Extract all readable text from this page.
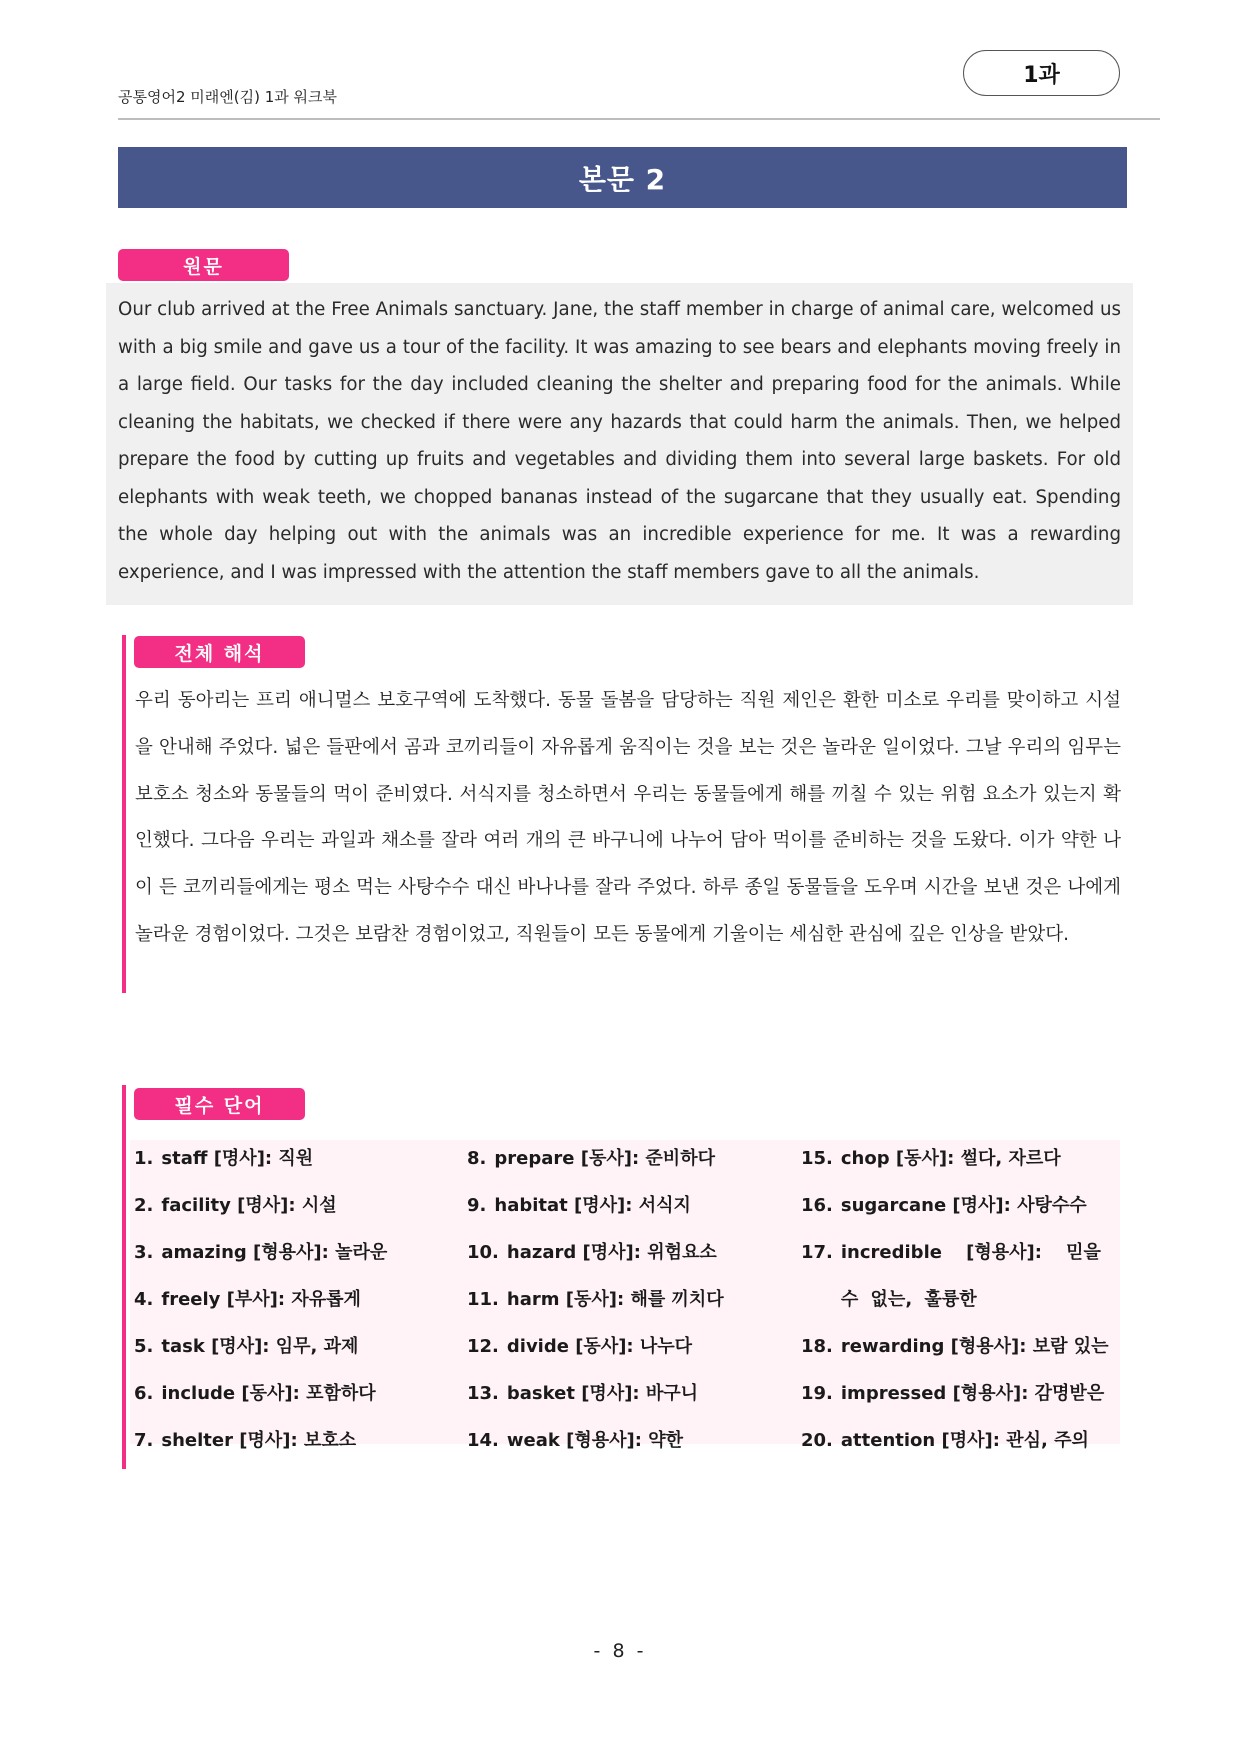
공통영어2 미래엔(김) 1과 워크북
1과
본문 2

Our club arrived at the Free Animals sanctuary. Jane, the staff member in charge of animal care, welcomed us with a big smile and gave us a tour of the facility. It was amazing to see bears and elephants moving freely in a large field. Our tasks for the day included cleaning the shelter and preparing food for the animals. While cleaning the habitats, we checked if there were any hazards that could harm the animals. Then, we helped prepare the food by cutting up fruits and vegetables and dividing them into several large baskets. For old elephants with weak teeth, we chopped bananas instead of the sugarcane that they usually eat. Spending the whole day helping out with the animals was an incredible experience for me. It was a rewarding experience, and I was impressed with the attention the staff members gave to all the animals.

원문
전체 해석

우리 동아리는 프리 애니멀스 보호구역에 도착했다. 동물 돌봄을 담당하는 직원 제인은 환한 미소로 우리를 맞이하고 시설을 안내해 주었다. 넓은 들판에서 곰과 코끼리들이 자유롭게 움직이는 것을 보는 것은 놀라운 일이었다. 그날 우리의 임무는 보호소 청소와 동물들의 먹이 준비였다. 서식지를 청소하면서 우리는 동물들에게 해를 끼칠 수 있는 위험 요소가 있는지 확인했다. 그다음 우리는 과일과 채소를 잘라 여러 개의 큰 바구니에 나누어 담아 먹이를 준비하는 것을 도왔다. 이가 약한 나이 든 코끼리들에게는 평소 먹는 사탕수수 대신 바나나를 잘라 주었다. 하루 종일 동물들을 도우며 시간을 보낸 것은 나에게 놀라운 경험이었다. 그것은 보람찬 경험이었고, 직원들이 모든 동물에게 기울이는 세심한 관심에 깊은 인상을 받았다.

필수 단어
1. staff [명사]: 직원
2. facility [명사]: 시설
3. amazing [형용사]: 놀라운
4. freely [부사]: 자유롭게
5. task [명사]: 임무, 과제
6. include [동사]: 포함하다
7. shelter [명사]: 보호소
8. prepare [동사]: 준비하다
9. habitat [명사]: 서식지
10. hazard [명사]: 위험요소
11. harm [동사]: 해를 끼치다
12. divide [동사]: 나누다
13. basket [명사]: 바구니
14. weak [형용사]: 약한
15. chop [동사]: 썰다, 자르다
16. sugarcane [명사]: 사탕수수
17. incredible [형용사]: 믿을 수 없는, 훌륭한
18. rewarding [형용사]: 보람 있는
19. impressed [형용사]: 감명받은
20. attention [명사]: 관심, 주의
- 8 -
